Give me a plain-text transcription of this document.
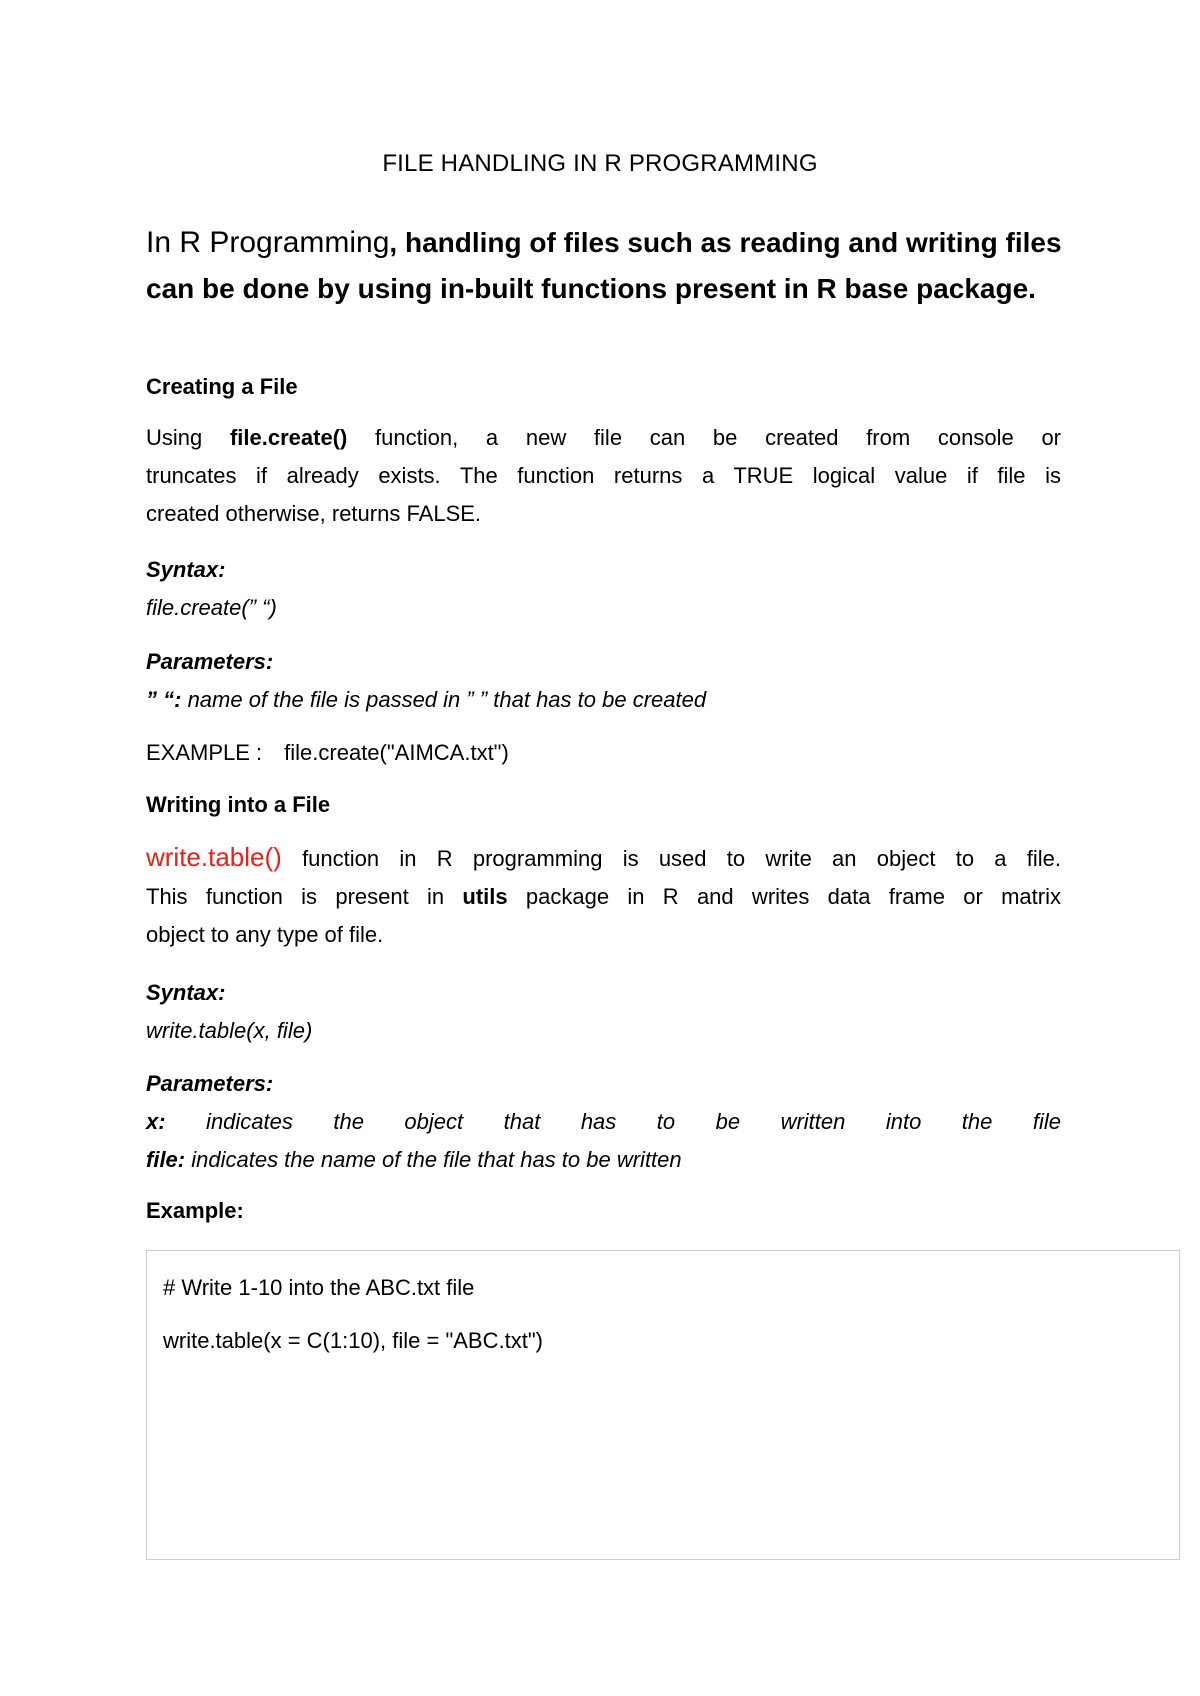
FILE HANDLING IN R PROGRAMMING
In R Programming, handling of files such as reading and writing files can be done by using in-built functions present in R base package.
Creating a File
Using file.create() function, a new file can be created from console or
truncates if already exists. The function returns a TRUE logical value if file is
created otherwise, returns FALSE.
Syntax:
file.create(” “)
Parameters:
” “: name of the file is passed in ” ” that has to be created
EXAMPLE : file.create("AIMCA.txt")
Writing into a File
write.table() function in R programming is used to write an object to a file.
This function is present in utils package in R and writes data frame or matrix
object to any type of file.
Syntax:
write.table(x, file)
Parameters:
x: indicates the object that has to be written into the file
file: indicates the name of the file that has to be written
Example:
# Write 1-10 into the ABC.txt file
write.table(x = C(1:10), file = "ABC.txt")
